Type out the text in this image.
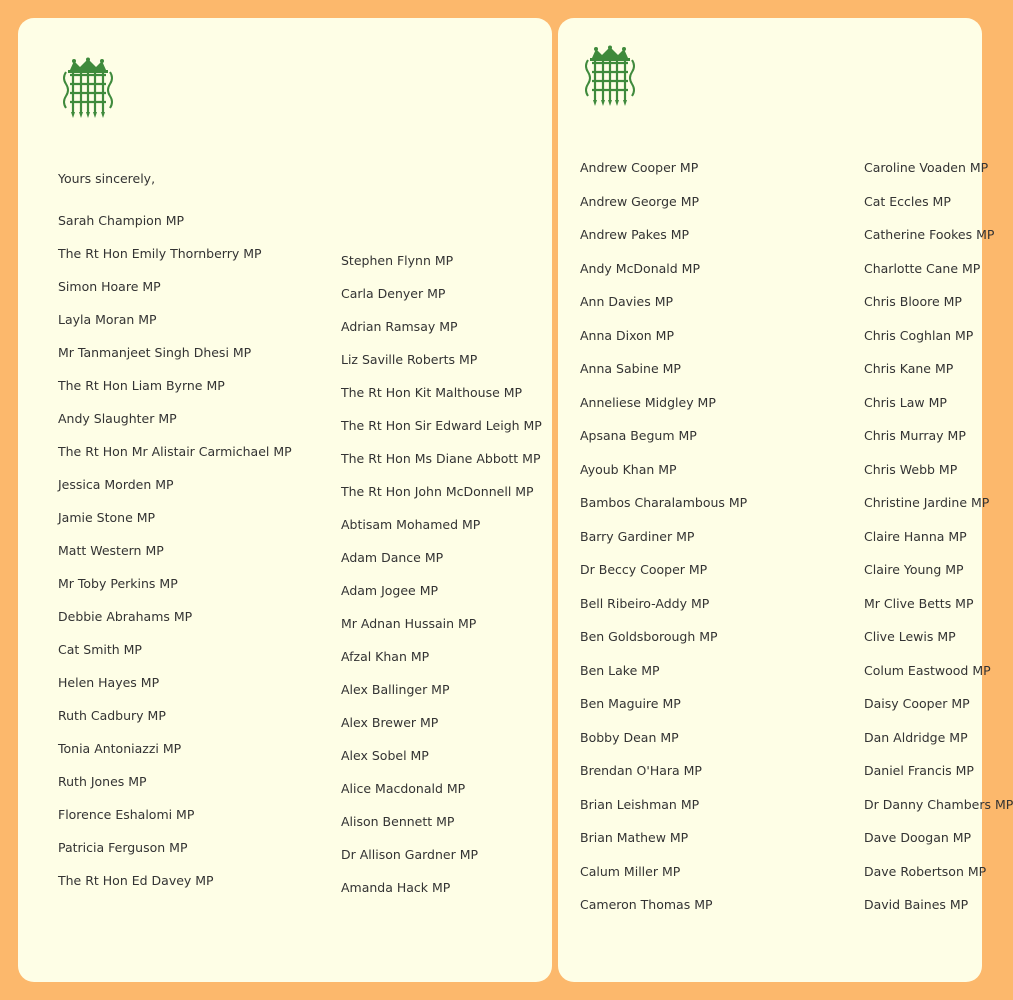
Yours sincerely,
Sarah Champion MP
The Rt Hon Emily Thornberry MP
Simon Hoare MP
Layla Moran MP
Mr Tanmanjeet Singh Dhesi MP
The Rt Hon Liam Byrne MP
Andy Slaughter MP
The Rt Hon Mr Alistair Carmichael MP
Jessica Morden MP
Jamie Stone MP
Matt Western MP
Mr Toby Perkins MP
Debbie Abrahams MP
Cat Smith MP
Helen Hayes MP
Ruth Cadbury MP
Tonia Antoniazzi MP
Ruth Jones MP
Florence Eshalomi MP
Patricia Ferguson MP
The Rt Hon Ed Davey MP
Stephen Flynn MP
Carla Denyer MP
Adrian Ramsay MP
Liz Saville Roberts MP
The Rt Hon Kit Malthouse MP
The Rt Hon Sir Edward Leigh MP
The Rt Hon Ms Diane Abbott MP
The Rt Hon John McDonnell MP
Abtisam Mohamed MP
Adam Dance MP
Adam Jogee MP
Mr Adnan Hussain MP
Afzal Khan MP
Alex Ballinger MP
Alex Brewer MP
Alex Sobel MP
Alice Macdonald MP
Alison Bennett MP
Dr Allison Gardner MP
Amanda Hack MP
Andrew Cooper MP
Andrew George MP
Andrew Pakes MP
Andy McDonald MP
Ann Davies MP
Anna Dixon MP
Anna Sabine MP
Anneliese Midgley MP
Apsana Begum MP
Ayoub Khan MP
Bambos Charalambous MP
Barry Gardiner MP
Dr Beccy Cooper MP
Bell Ribeiro-Addy MP
Ben Goldsborough MP
Ben Lake MP
Ben Maguire MP
Bobby Dean MP
Brendan O'Hara MP
Brian Leishman MP
Brian Mathew MP
Calum Miller MP
Cameron Thomas MP
Caroline Voaden MP
Cat Eccles MP
Catherine Fookes MP
Charlotte Cane MP
Chris Bloore MP
Chris Coghlan MP
Chris Kane MP
Chris Law MP
Chris Murray MP
Chris Webb MP
Christine Jardine MP
Claire Hanna MP
Claire Young MP
Mr Clive Betts MP
Clive Lewis MP
Colum Eastwood MP
Daisy Cooper MP
Dan Aldridge MP
Daniel Francis MP
Dr Danny Chambers MP
Dave Doogan MP
Dave Robertson MP
David Baines MP
